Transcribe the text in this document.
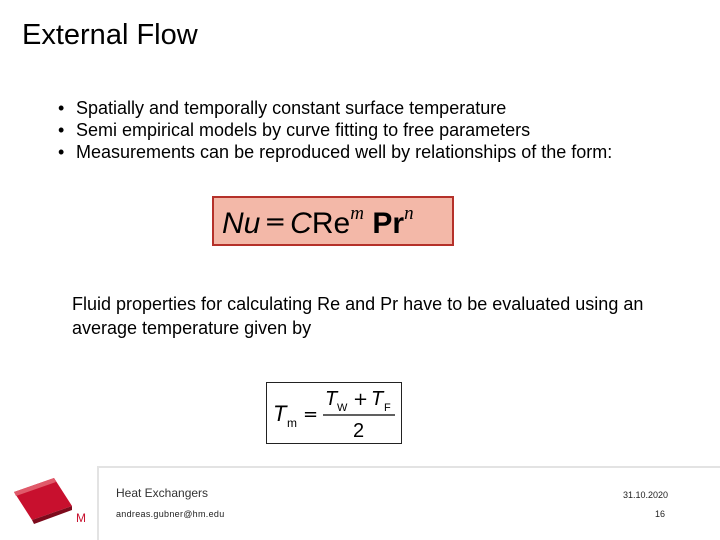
External Flow
• Spatially and temporally constant surface temperature
• Semi empirical models by curve fitting to free parameters
• Measurements can be reproduced well by relationships of the form:
Nu = CRe$^m$ Pr$^n$
Fluid properties for calculating Re and Pr have to be evaluated using an average temperature given by
T m =
T W + T F
2
M
Heat Exchangers
andreas.gubner@hm.edu
31.10.2020
16
